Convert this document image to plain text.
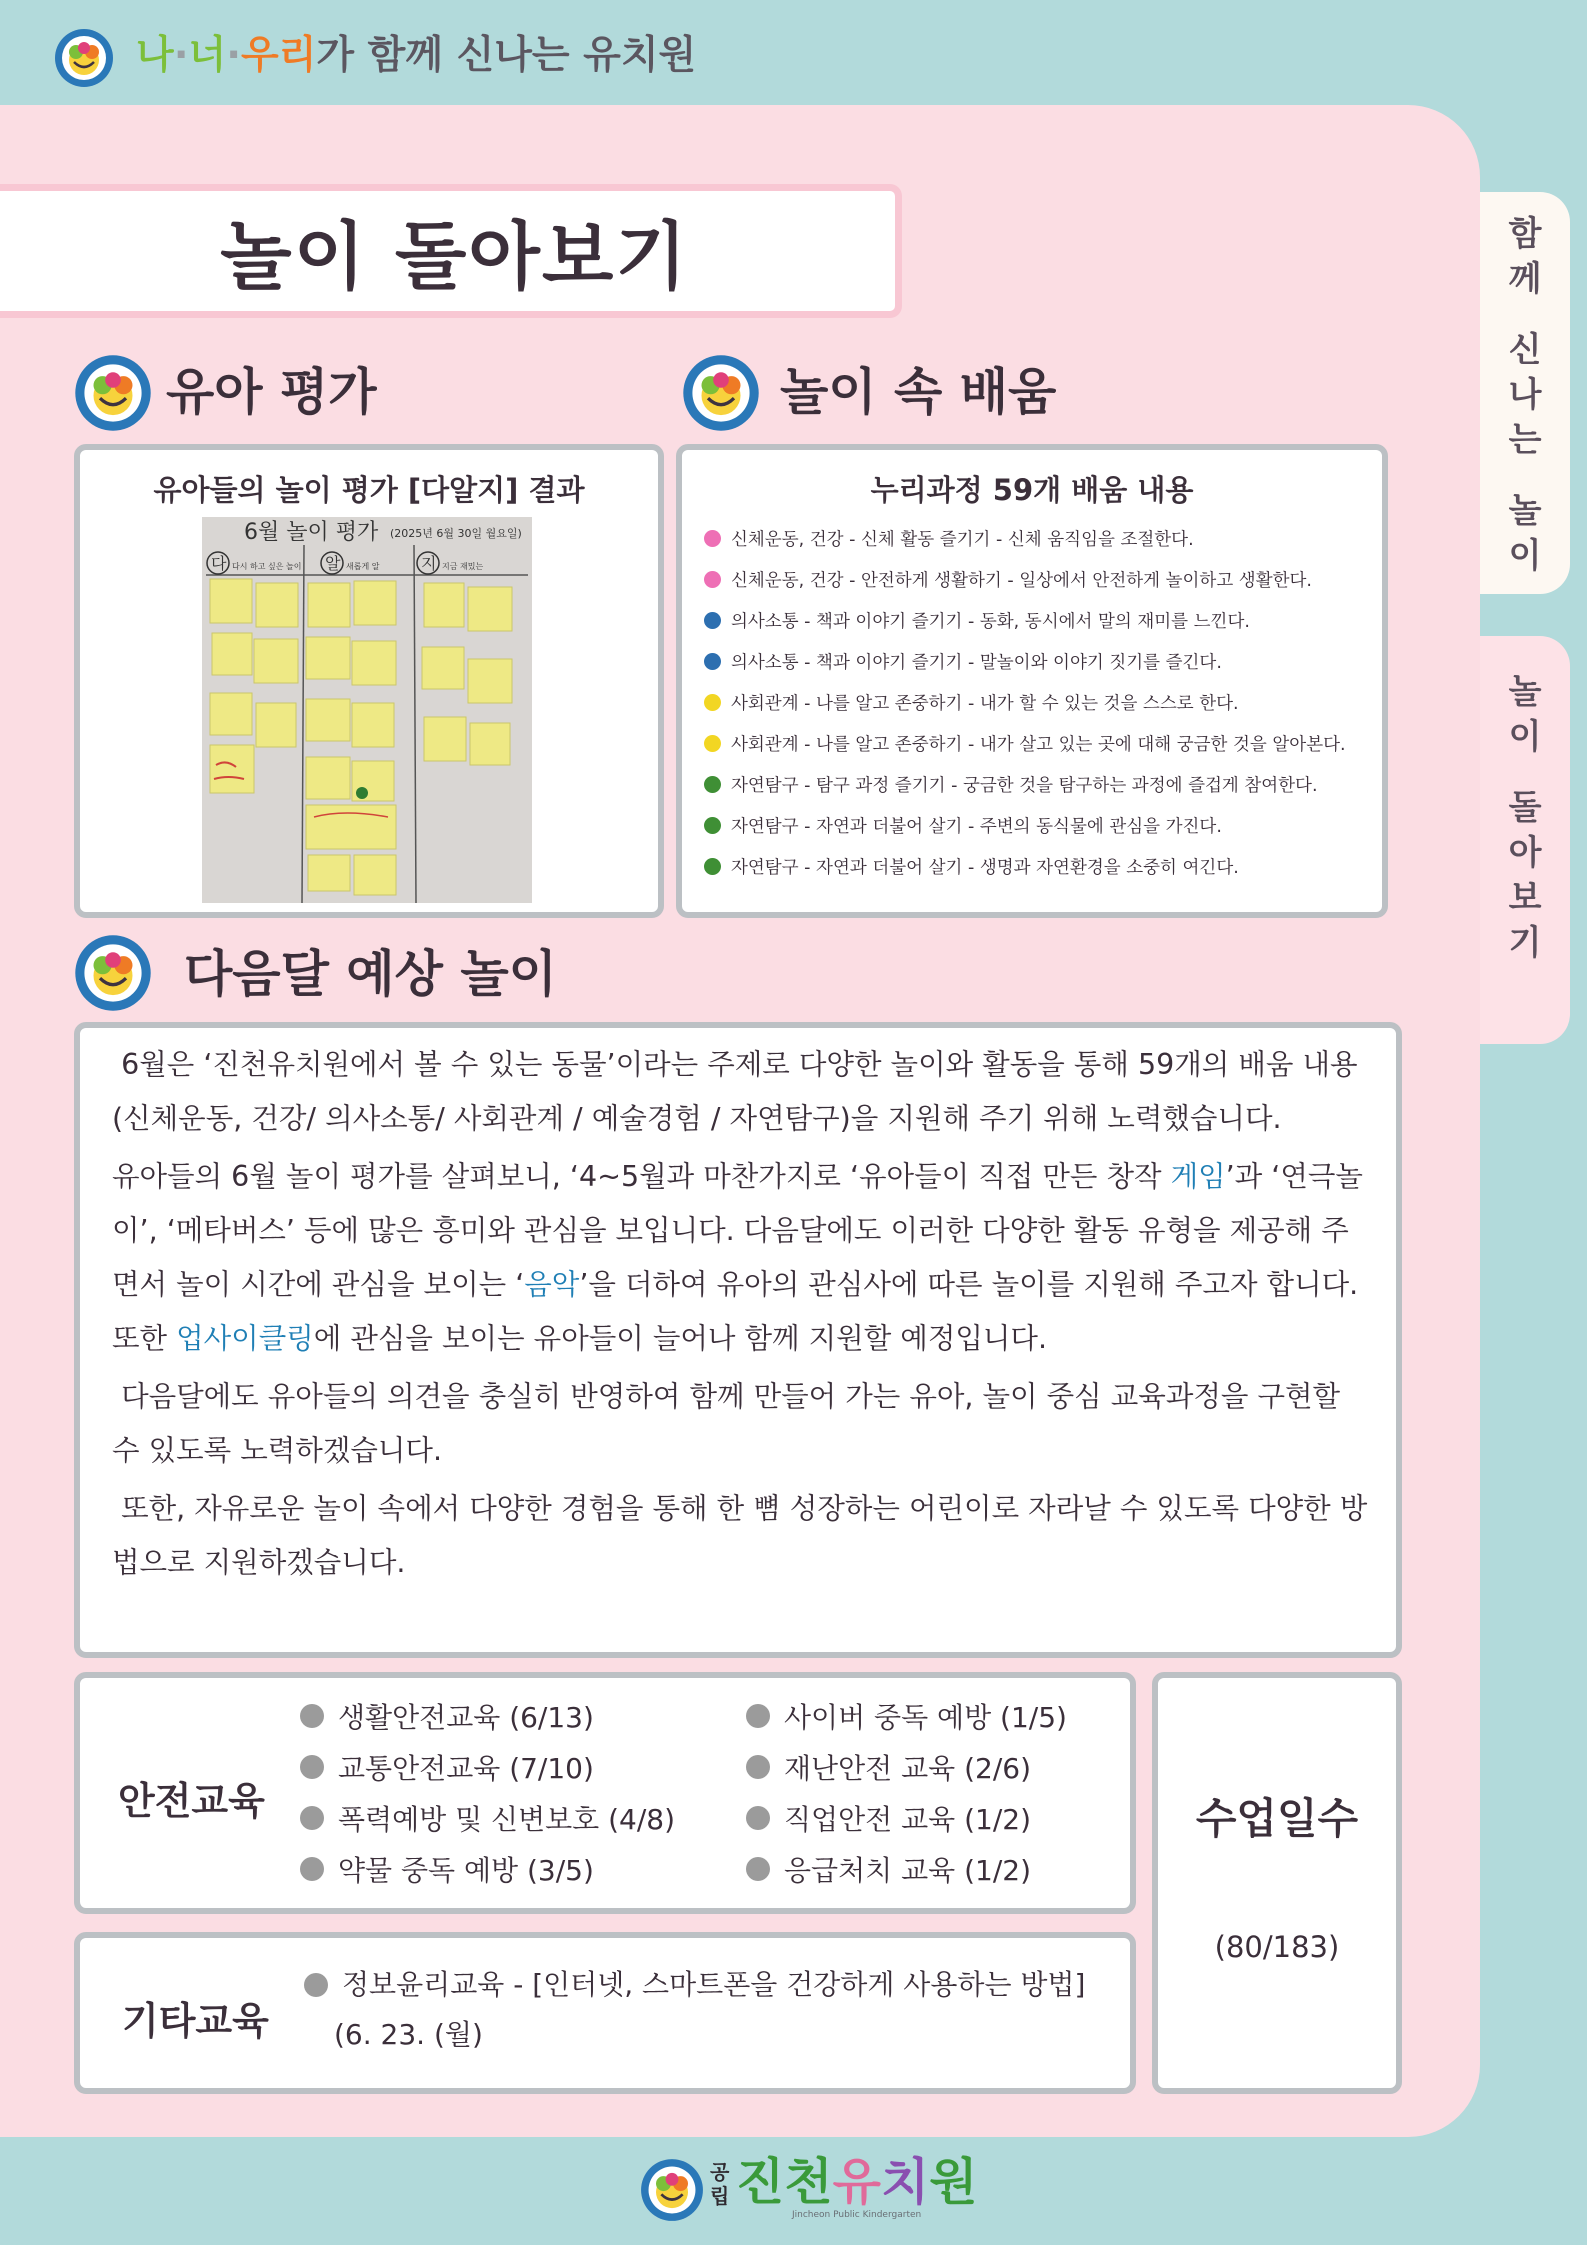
나·너·우리가 함께 신나는 유치원
함
께
신
나
는
놀
이
놀
이
돌
아
보
기
놀이 돌아보기
유아 평가
유아들의 놀이 평가 [다알지] 결과
6월 놀이 평가 (2025년 6월 30일 월요일)
다 다시 하고 싶은 놀이 알 새롭게 알	지 지금 재밌는
놀이 속 배움
누리과정 59개 배움 내용
신체운동, 건강 - 신체 활동 즐기기 - 신체 움직임을 조절한다.
신체운동, 건강 - 안전하게 생활하기 - 일상에서 안전하게 놀이하고 생활한다.
의사소통 - 책과 이야기 즐기기 - 동화, 동시에서 말의 재미를 느낀다.
의사소통 - 책과 이야기 즐기기 - 말놀이와 이야기 짓기를 즐긴다.
사회관계 - 나를 알고 존중하기 - 내가 할 수 있는 것을 스스로 한다.
사회관계 - 나를 알고 존중하기 - 내가 살고 있는 곳에 대해 궁금한 것을 알아본다.
자연탐구 - 탐구 과정 즐기기 - 궁금한 것을 탐구하는 과정에 즐겁게 참여한다.
자연탐구 - 자연과 더불어 살기 - 주변의 동식물에 관심을 가진다.
자연탐구 - 자연과 더불어 살기 - 생명과 자연환경을 소중히 여긴다.
다음달 예상 놀이

6월은 ‘진천유치원에서 볼 수 있는 동물’이라는 주제로 다양한 놀이와 활동을 통해 59개의 배움 내용(신체운동, 건강/ 의사소통/ 사회관계 / 예술경험 / 자연탐구)을 지원해 주기 위해 노력했습니다.

유아들의 6월 놀이 평가를 살펴보니, ‘4~5월과 마찬가지로 ‘유아들이 직접 만든 창작 게임’과 ‘연극놀이’, ‘메타버스’ 등에 많은 흥미와 관심을 보입니다. 다음달에도 이러한 다양한 활동 유형을 제공해 주면서 놀이 시간에 관심을 보이는 ‘음악’을 더하여 유아의 관심사에 따른 놀이를 지원해 주고자 합니다. 또한 업사이클링에 관심을 보이는 유아들이 늘어나 함께 지원할 예정입니다.

다음달에도 유아들의 의견을 충실히 반영하여 함께 만들어 가는 유아, 놀이 중심 교육과정을 구현할 수 있도록 노력하겠습니다.

또한, 자유로운 놀이 속에서 다양한 경험을 통해 한 뼘 성장하는 어린이로 자라날 수 있도록 다양한 방법으로 지원하겠습니다.

안전교육
생활안전교육 (6/13)
교통안전교육 (7/10)
폭력예방 및 신변보호 (4/8)
약물 중독 예방 (3/5)
사이버 중독 예방 (1/5)
재난안전 교육 (2/6)
직업안전 교육 (1/2)
응급처치 교육 (1/2)
기타교육
정보윤리교육 - [인터넷, 스마트폰을 건강하게 사용하는 방법]
(6. 23. (월)
수업일수
(80/183)
공
립 진천유치원
Jincheon Public Kindergarten
